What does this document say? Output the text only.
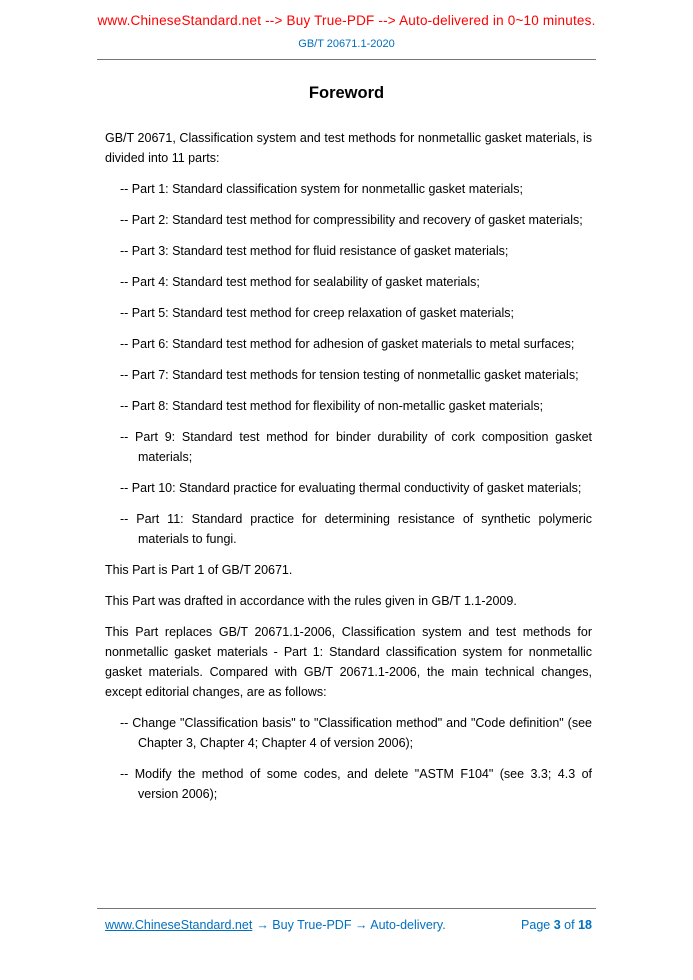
www.ChineseStandard.net --> Buy True-PDF --> Auto-delivered in 0~10 minutes.
GB/T 20671.1-2020
Foreword

GB/T 20671, Classification system and test methods for nonmetallic gasket materials, is divided into 11 parts:

-- Part 1: Standard classification system for nonmetallic gasket materials;

-- Part 2: Standard test method for compressibility and recovery of gasket materials;

-- Part 3: Standard test method for fluid resistance of gasket materials;

-- Part 4: Standard test method for sealability of gasket materials;

-- Part 5: Standard test method for creep relaxation of gasket materials;

-- Part 6: Standard test method for adhesion of gasket materials to metal surfaces;

-- Part 7: Standard test methods for tension testing of nonmetallic gasket materials;

-- Part 8: Standard test method for flexibility of non-metallic gasket materials;

-- Part 9: Standard test method for binder durability of cork composition gasket materials;

-- Part 10: Standard practice for evaluating thermal conductivity of gasket materials;

-- Part 11: Standard practice for determining resistance of synthetic polymeric materials to fungi.

This Part is Part 1 of GB/T 20671.

This Part was drafted in accordance with the rules given in GB/T 1.1-2009.

This Part replaces GB/T 20671.1-2006, Classification system and test methods for nonmetallic gasket materials - Part 1: Standard classification system for nonmetallic gasket materials. Compared with GB/T 20671.1-2006, the main technical changes, except editorial changes, are as follows:

-- Change "Classification basis" to "Classification method" and "Code definition" (see Chapter 3, Chapter 4; Chapter 4 of version 2006);

-- Modify the method of some codes, and delete "ASTM F104" (see 3.3; 4.3 of version 2006);

www.ChineseStandard.net → Buy True-PDF → Auto-delivery.	Page 3 of 18
